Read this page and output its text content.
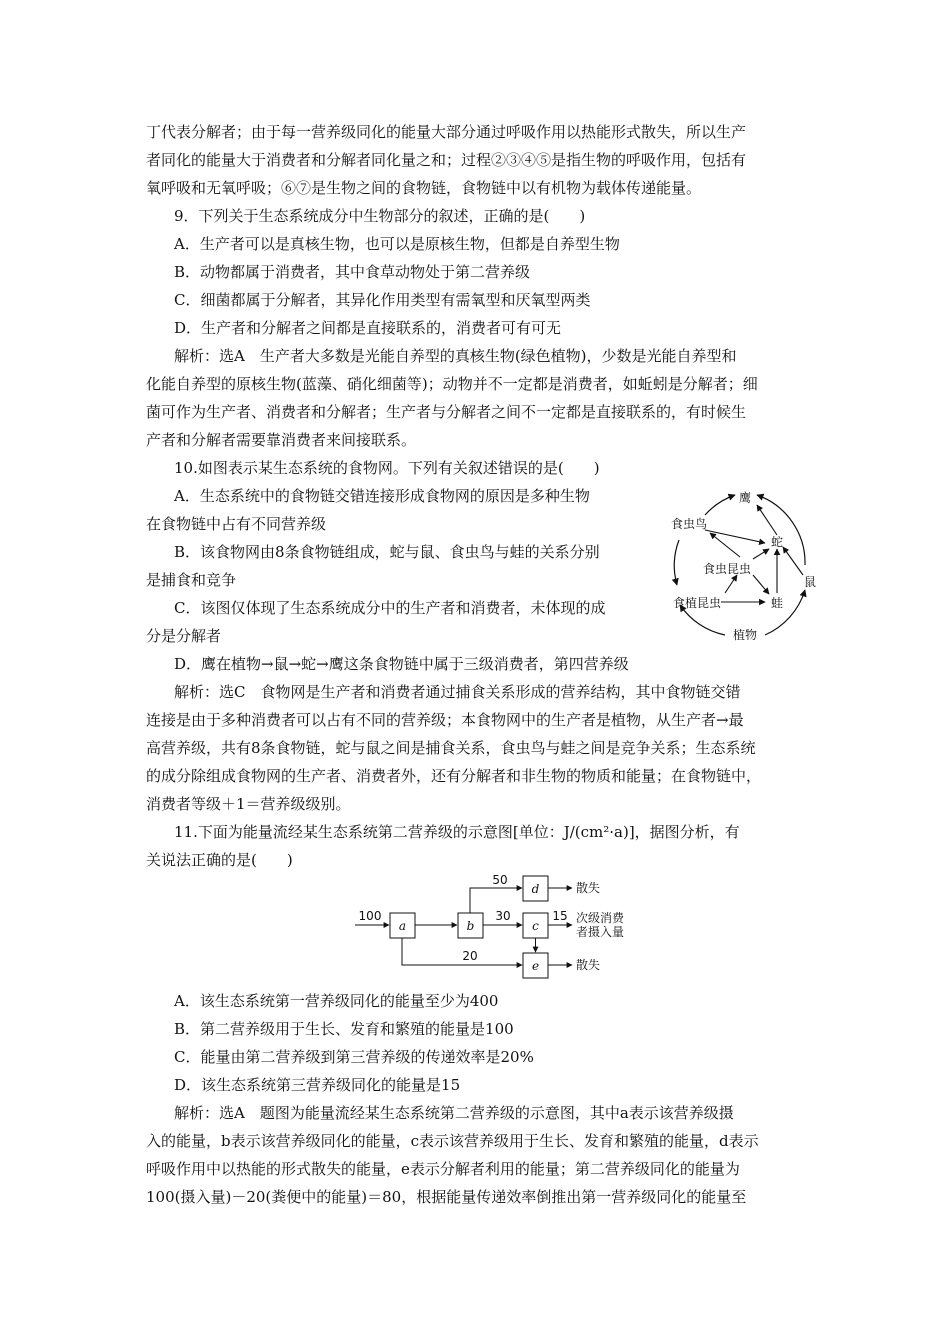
丁代表分解者；由于每一营养级同化的能量大部分通过呼吸作用以热能形式散失，所以生产
者同化的能量大于消费者和分解者同化量之和；过程②③④⑤是指生物的呼吸作用，包括有
氧呼吸和无氧呼吸；⑥⑦是生物之间的食物链，食物链中以有机物为载体传递能量。
9．下列关于生态系统成分中生物部分的叙述，正确的是(　　)
A．生产者可以是真核生物，也可以是原核生物，但都是自养型生物
B．动物都属于消费者，其中食草动物处于第二营养级
C．细菌都属于分解者，其异化作用类型有需氧型和厌氧型两类
D．生产者和分解者之间都是直接联系的，消费者可有可无
解析：选A　生产者大多数是光能自养型的真核生物(绿色植物)，少数是光能自养型和
化能自养型的原核生物(蓝藻、硝化细菌等)；动物并不一定都是消费者，如蚯蚓是分解者；细
菌可作为生产者、消费者和分解者；生产者与分解者之间不一定都是直接联系的，有时候生
产者和分解者需要靠消费者来间接联系。
10.如图表示某生态系统的食物网。下列有关叙述错误的是(　　)
A．生态系统中的食物链交错连接形成食物网的原因是多种生物
在食物链中占有不同营养级
B．该食物网由8条食物链组成，蛇与鼠、食虫鸟与蛙的关系分别
是捕食和竞争
C．该图仅体现了生态系统成分中的生产者和消费者，未体现的成
分是分解者
D．鹰在植物→鼠→蛇→鹰这条食物链中属于三级消费者，第四营养级
解析：选C　食物网是生产者和消费者通过捕食关系形成的营养结构，其中食物链交错
连接是由于多种消费者可以占有不同的营养级；本食物网中的生产者是植物，从生产者→最
高营养级，共有8条食物链，蛇与鼠之间是捕食关系，食虫鸟与蛙之间是竞争关系；生态系统
的成分除组成食物网的生产者、消费者外，还有分解者和非生物的物质和能量；在食物链中，
消费者等级＋1＝营养级级别。
11.下面为能量流经某生态系统第二营养级的示意图[单位：J/(cm²·a)]，据图分析，有
关说法正确的是(　　)
A．该生态系统第一营养级同化的能量至少为400
B．第二营养级用于生长、发育和繁殖的能量是100
C．能量由第二营养级到第三营养级的传递效率是20%
D．该生态系统第三营养级同化的能量是15
解析：选A　题图为能量流经某生态系统第二营养级的示意图，其中a表示该营养级摄
入的能量，b表示该营养级同化的能量，c表示该营养级用于生长、发育和繁殖的能量，d表示
呼吸作用中以热能的形式散失的能量，e表示分解者利用的能量；第二营养级同化的能量为
100(摄入量)－20(粪便中的能量)＝80，根据能量传递效率倒推出第一营养级同化的能量至
鹰
食虫鸟
蛇
食虫昆虫
鼠
食植昆虫	蛙
植物
a	b	c
d
e
100
50
30	15
20
散失
次级消费
者摄入量
散失
